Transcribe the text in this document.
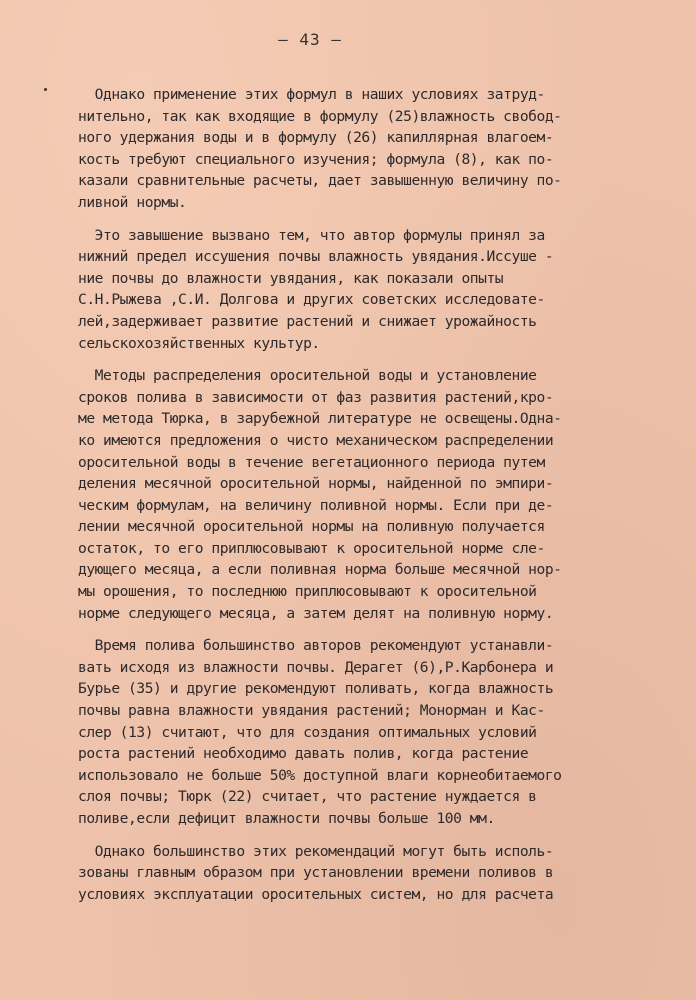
— 43 —
Однако применение этих формул в наших условиях затруд-
нительно, так как входящие в формулу (25)влажность свобод-
ного удержания воды и в формулу (26) капиллярная влагоем-
кость требуют специального изучения; формула (8), как по-
казали сравнительные расчеты, дает завышенную величину по-
ливной нормы.
Это завышение вызвано тем, что автор формулы принял за
нижний предел иссушения почвы влажность увядания.Иссуше -
ние почвы до влажности увядания, как показали опыты
С.Н.Рыжева ,С.И. Долгова и других советских исследовате-
лей,задерживает развитие растений и снижает урожайность
сельскохозяйственных культур.
Методы распределения оросительной воды и установление
сроков полива в зависимости от фаз развития растений,кро-
ме метода Тюрка, в зарубежной литературе не освещены.Одна-
ко имеются предложения о чисто механическом распределении
оросительной воды в течение вегетационного периода путем
деления месячной оросительной нормы, найденной по эмпири-
ческим формулам, на величину поливной нормы. Если при де-
лении месячной оросительной нормы на поливную получается
остаток, то его приплюсовывают к оросительной норме сле-
дующего месяца, а если поливная норма больше месячной нор-
мы орошения, то последнюю приплюсовывают к оросительной
норме следующего месяца, а затем делят на поливную норму.
Время полива большинство авторов рекомендуют устанавли-
вать исходя из влажности почвы. Дерагет (6),Р.Карбонера и
Бурье (35) и другие рекомендуют поливать, когда влажность
почвы равна влажности увядания растений; Монорман и Кас-
слер (13) считают, что для создания оптимальных условий
роста растений необходимо давать полив, когда растение
использовало не больше 50% доступной влаги корнеобитаемого
слоя почвы; Тюрк (22) считает, что растение нуждается в
поливе,если дефицит влажности почвы больше 100 мм.
Однако большинство этих рекомендаций могут быть исполь-
зованы главным образом при установлении времени поливов в
условиях эксплуатации оросительных систем, но для расчета
